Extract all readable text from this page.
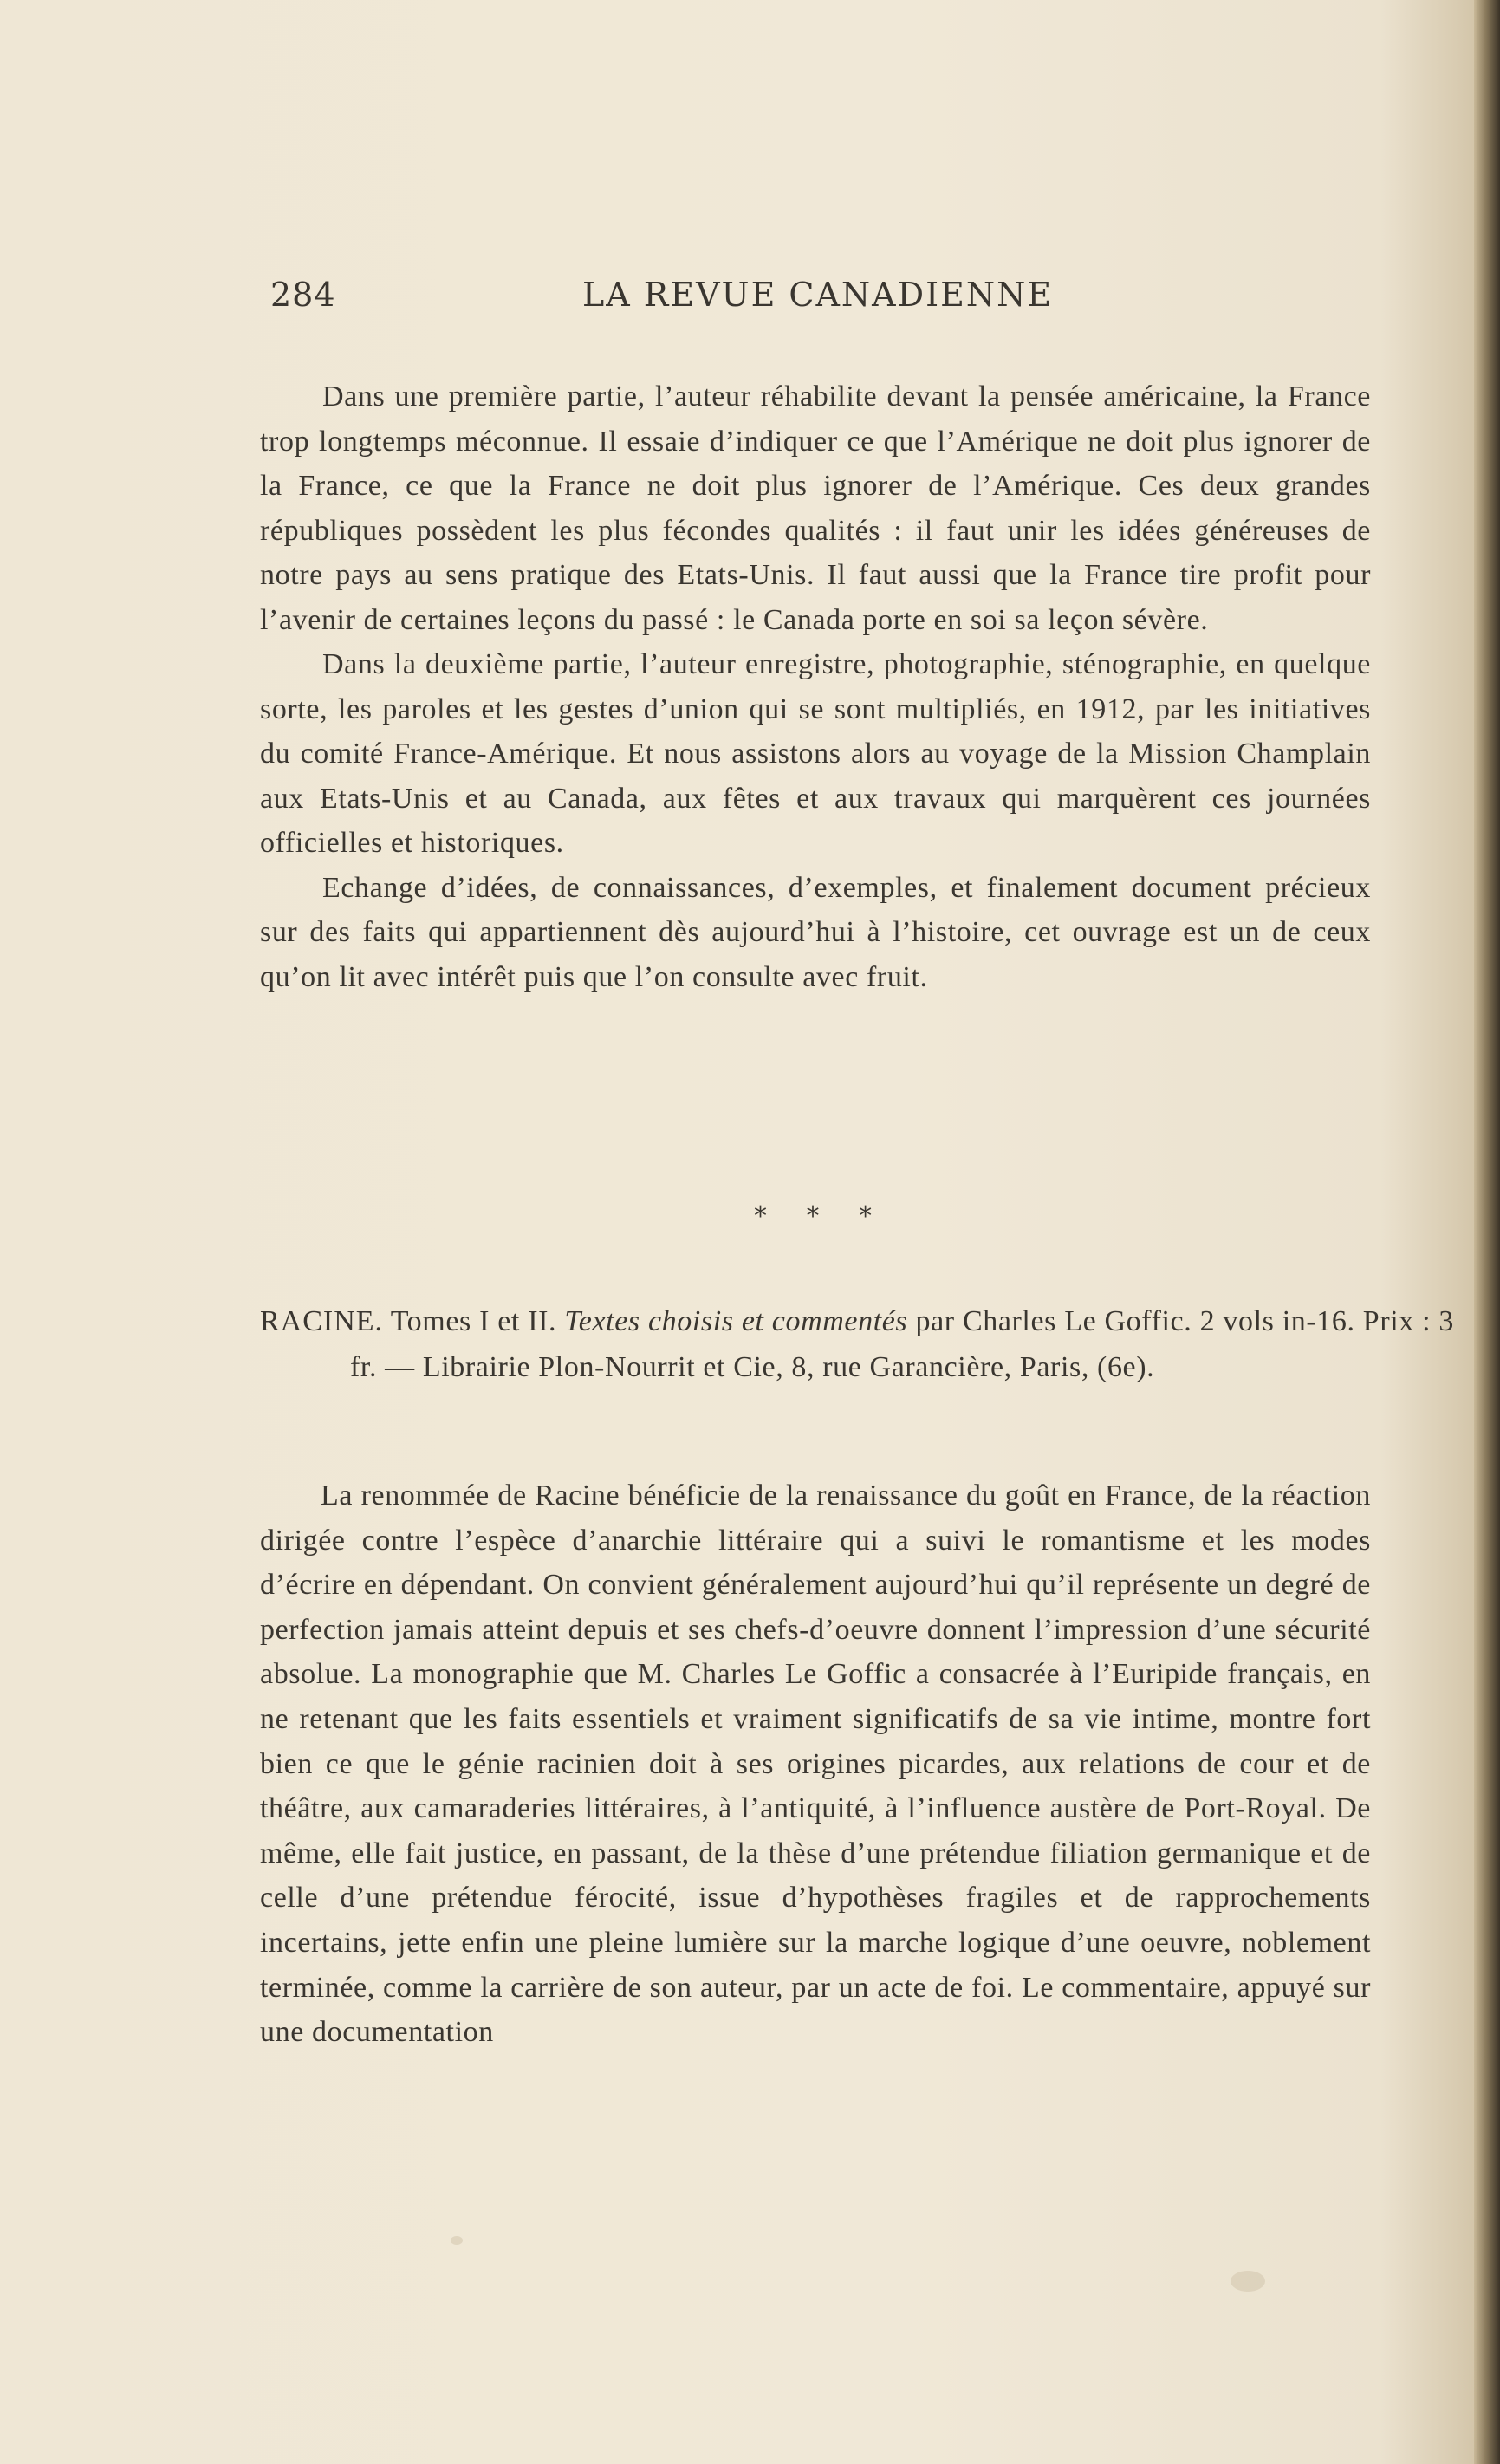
284	LA REVUE CANADIENNE

Dans une première partie, l’auteur réhabilite devant la pensée américaine, la France trop longtemps méconnue. Il essaie d’indiquer ce que l’Amérique ne doit plus ignorer de la France, ce que la France ne doit plus ignorer de l’Amérique. Ces deux grandes républiques possèdent les plus fécondes qualités : il faut unir les idées généreuses de notre pays au sens pratique des Etats-Unis. Il faut aussi que la France tire profit pour l’avenir de certaines leçons du passé : le Canada porte en soi sa leçon sévère.

Dans la deuxième partie, l’auteur enregistre, photographie, sténographie, en quelque sorte, les paroles et les gestes d’union qui se sont multipliés, en 1912, par les initiatives du comité France-Amérique. Et nous assistons alors au voyage de la Mission Champlain aux Etats-Unis et au Canada, aux fêtes et aux travaux qui marquèrent ces journées officielles et historiques.

Echange d’idées, de connaissances, d’exemples, et finalement document précieux sur des faits qui appartiennent dès aujourd’hui à l’histoire, cet ouvrage est un de ceux qu’on lit avec intérêt puis que l’on consulte avec fruit.

* * *
RACINE. Tomes I et II. Textes choisis et commentés par Charles Le Goffic. 2 vols in-16. Prix : 3 fr. — Librairie Plon-Nourrit et Cie, 8, rue Garancière, Paris, (6e).

La renommée de Racine bénéficie de la renaissance du goût en France, de la réaction dirigée contre l’espèce d’anarchie littéraire qui a suivi le romantisme et les modes d’écrire en dépendant. On convient généralement aujourd’hui qu’il représente un degré de perfection jamais atteint depuis et ses chefs-d’oeuvre donnent l’impression d’une sécurité absolue. La monographie que M. Charles Le Goffic a consacrée à l’Euripide français, en ne retenant que les faits essentiels et vraiment significatifs de sa vie intime, montre fort bien ce que le génie racinien doit à ses origines picardes, aux relations de cour et de théâtre, aux camaraderies littéraires, à l’antiquité, à l’influence austère de Port-Royal. De même, elle fait justice, en passant, de la thèse d’une prétendue filiation germanique et de celle d’une prétendue férocité, issue d’hypothèses fragiles et de rapprochements incertains, jette enfin une pleine lumière sur la marche logique d’une oeuvre, noblement terminée, comme la carrière de son auteur, par un acte de foi. Le commentaire, appuyé sur une documentation
